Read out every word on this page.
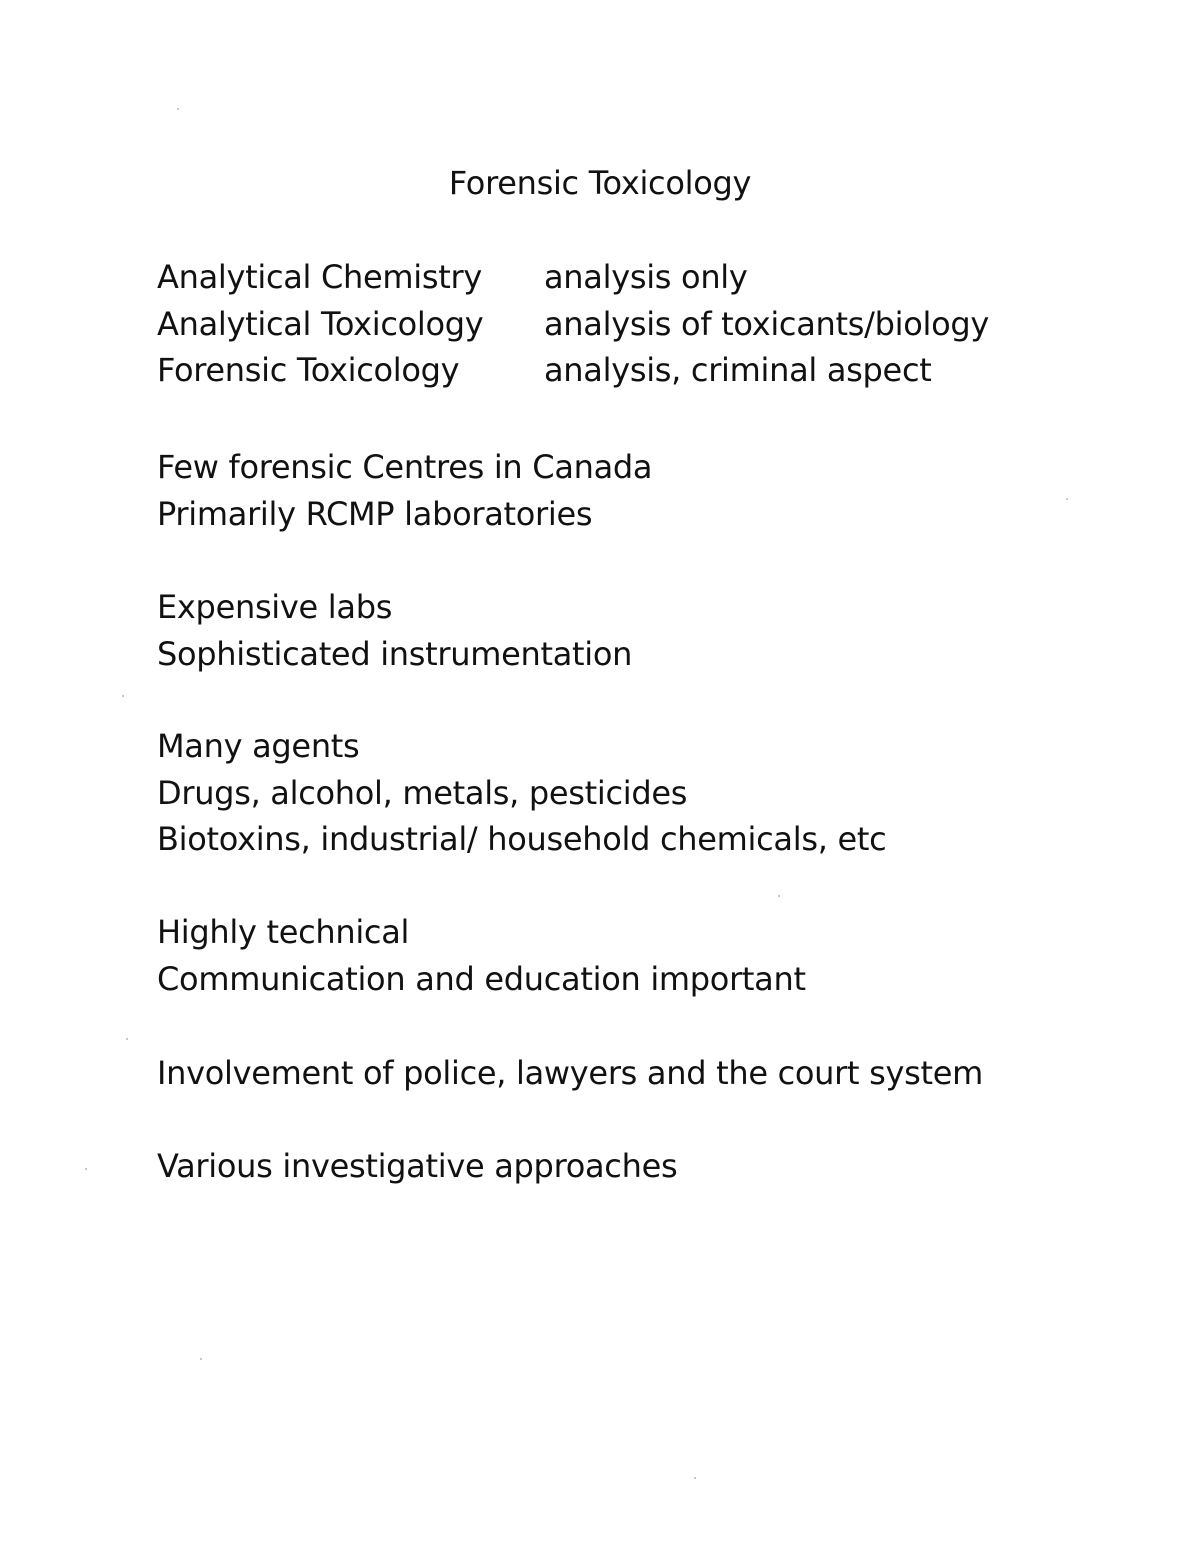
Forensic Toxicology
Analytical Chemistry	analysis only
Analytical Toxicology	analysis of toxicants/biology
Forensic Toxicology	analysis, criminal aspect
Few forensic Centres in Canada
Primarily RCMP laboratories
Expensive labs
Sophisticated instrumentation
Many agents
Drugs, alcohol, metals, pesticides
Biotoxins, industrial/ household chemicals, etc
Highly technical
Communication and education important
Involvement of police, lawyers and the court system
Various investigative approaches
